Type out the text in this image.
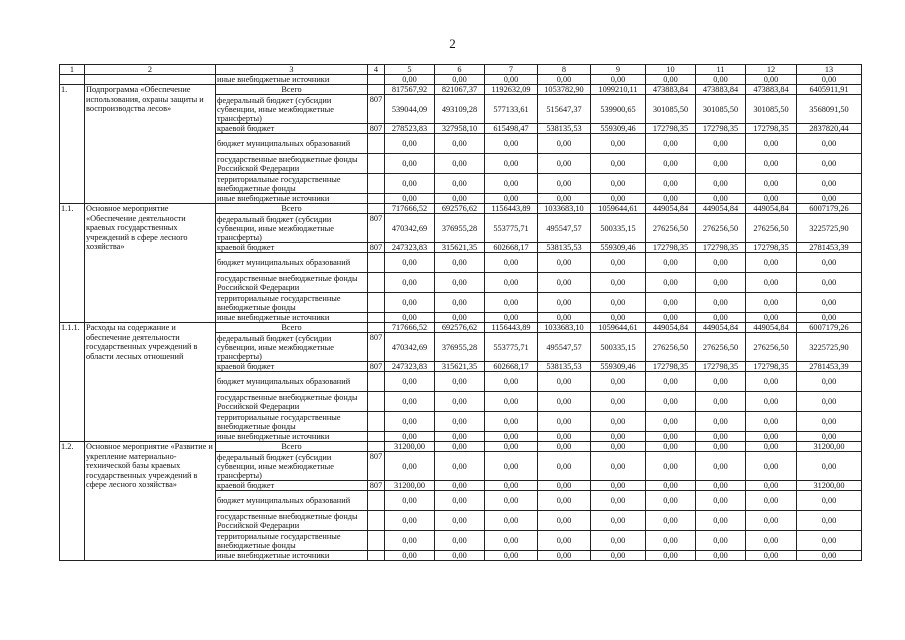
2
1	2	3	4	5	6	7	8	9	10	11	12	13
		иные внебюджетные источники		0,00	0,00	0,00	0,00	0,00	0,00	0,00	0,00	0,00
1.	Подпрограмма «Обеспечение использования, охраны защиты и воспроизводства лесов»	Всего		817567,92	821067,37	1192632,09	1053782,90	1099210,11	473883,84	473883,84	473883,84	6405911,91
		федеральный бюджет (субсидии субвенции, иные межбюджетные трансферты)	807	539044,09	493109,28	577133,61	515647,37	539900,65	301085,50	301085,50	301085,50	3568091,50
		краевой бюджет	807	278523,83	327958,10	615498,47	538135,53	559309,46	172798,35	172798,35	172798,35	2837820,44
		бюджет муниципальных образований		0,00	0,00	0,00	0,00	0,00	0,00	0,00	0,00	0,00
		государственные внебюджетные фонды Российской Федерации		0,00	0,00	0,00	0,00	0,00	0,00	0,00	0,00	0,00
		территориальные государственные внебюджетные фонды		0,00	0,00	0,00	0,00	0,00	0,00	0,00	0,00	0,00
		иные внебюджетные источники		0,00	0,00	0,00	0,00	0,00	0,00	0,00	0,00	0,00
1.1.	Основное мероприятие «Обеспечение деятельности краевых государственных учреждений в сфере лесного хозяйства»	Всего		717666,52	692576,62	1156443,89	1033683,10	1059644,61	449054,84	449054,84	449054,84	6007179,26
		федеральный бюджет (субсидии субвенции, иные межбюджетные трансферты)	807	470342,69	376955,28	553775,71	495547,57	500335,15	276256,50	276256,50	276256,50	3225725,90
		краевой бюджет	807	247323,83	315621,35	602668,17	538135,53	559309,46	172798,35	172798,35	172798,35	2781453,39
		бюджет муниципальных образований		0,00	0,00	0,00	0,00	0,00	0,00	0,00	0,00	0,00
		государственные внебюджетные фонды Российской Федерации		0,00	0,00	0,00	0,00	0,00	0,00	0,00	0,00	0,00
		территориальные государственные внебюджетные фонды		0,00	0,00	0,00	0,00	0,00	0,00	0,00	0,00	0,00
		иные внебюджетные источники		0,00	0,00	0,00	0,00	0,00	0,00	0,00	0,00	0,00
1.1.1.	Расходы на содержание и обеспечение деятельности государственных учреждений в области лесных отношений	Всего		717666,52	692576,62	1156443,89	1033683,10	1059644,61	449054,84	449054,84	449054,84	6007179,26
		федеральный бюджет (субсидии субвенции, иные межбюджетные трансферты)	807	470342,69	376955,28	553775,71	495547,57	500335,15	276256,50	276256,50	276256,50	3225725,90
		краевой бюджет	807	247323,83	315621,35	602668,17	538135,53	559309,46	172798,35	172798,35	172798,35	2781453,39
		бюджет муниципальных образований		0,00	0,00	0,00	0,00	0,00	0,00	0,00	0,00	0,00
		государственные внебюджетные фонды Российской Федерации		0,00	0,00	0,00	0,00	0,00	0,00	0,00	0,00	0,00
		территориальные государственные внебюджетные фонды		0,00	0,00	0,00	0,00	0,00	0,00	0,00	0,00	0,00
		иные внебюджетные источники		0,00	0,00	0,00	0,00	0,00	0,00	0,00	0,00	0,00
1.2.	Основное мероприятие «Развитие и укрепление материально-технической базы краевых государственных учреждений в сфере лесного хозяйства»	Всего		31200,00	0,00	0,00	0,00	0,00	0,00	0,00	0,00	31200,00
		федеральный бюджет (субсидии субвенции, иные межбюджетные трансферты)	807	0,00	0,00	0,00	0,00	0,00	0,00	0,00	0,00	0,00
		краевой бюджет	807	31200,00	0,00	0,00	0,00	0,00	0,00	0,00	0,00	31200,00
		бюджет муниципальных образований		0,00	0,00	0,00	0,00	0,00	0,00	0,00	0,00	0,00
		государственные внебюджетные фонды Российской Федерации		0,00	0,00	0,00	0,00	0,00	0,00	0,00	0,00	0,00
		территориальные государственные внебюджетные фонды		0,00	0,00	0,00	0,00	0,00	0,00	0,00	0,00	0,00
		иные внебюджетные источники		0,00	0,00	0,00	0,00	0,00	0,00	0,00	0,00	0,00
